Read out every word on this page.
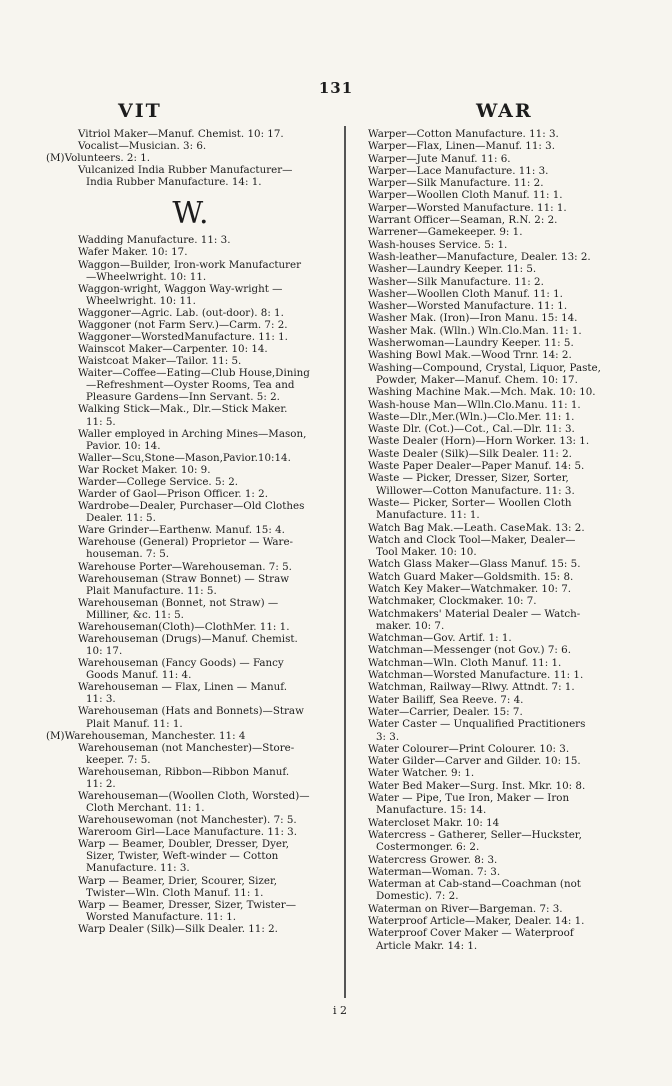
131
VIT	WAR
Vitriol Maker—Manuf. Chemist. 10: 17.
Vocalist—Musician. 3: 6.
(M)Volunteers. 2: 1.
Vulcanized India Rubber Manufacturer—
India Rubber Manufacture. 14: 1.
W.
Wadding Manufacture. 11: 3.
Wafer Maker. 10: 17.
Waggon—Builder, Iron-work Manufacturer
—Wheelwright. 10: 11.
Waggon-wright, Waggon Way-wright —
Wheelwright. 10: 11.
Waggoner—Agric. Lab. (out-door). 8: 1.
Waggoner (not Farm Serv.)—Carm. 7: 2.
Waggoner—WorstedManufacture. 11: 1.
Wainscot Maker—Carpenter. 10: 14.
Waistcoat Maker—Tailor. 11: 5.
Waiter—Coffee—Eating—Club House,Dining
—Refreshment—Oyster Rooms, Tea and
Pleasure Gardens—Inn Servant. 5: 2.
Walking Stick—Mak., Dlr.—Stick Maker.
11: 5.
Waller employed in Arching Mines—Mason,
Pavior. 10: 14.
Waller—Scu,Stone—Mason,Pavior.10:14.
War Rocket Maker. 10: 9.
Warder—College Service. 5: 2.
Warder of Gaol—Prison Officer. 1: 2.
Wardrobe—Dealer, Purchaser—Old Clothes
Dealer. 11: 5.
Ware Grinder—Earthenw. Manuf. 15: 4.
Warehouse (General) Proprietor — Ware-
houseman. 7: 5.
Warehouse Porter—Warehouseman. 7: 5.
Warehouseman (Straw Bonnet) — Straw
Plait Manufacture. 11: 5.
Warehouseman (Bonnet, not Straw) —
Milliner, &c. 11: 5.
Warehouseman(Cloth)—ClothMer. 11: 1.
Warehouseman (Drugs)—Manuf. Chemist.
10: 17.
Warehouseman (Fancy Goods) — Fancy
Goods Manuf. 11: 4.
Warehouseman — Flax, Linen — Manuf.
11: 3.
Warehouseman (Hats and Bonnets)—Straw
Plait Manuf. 11: 1.
(M)Warehouseman, Manchester. 11: 4
Warehouseman (not Manchester)—Store-
keeper. 7: 5.
Warehouseman, Ribbon—Ribbon Manuf.
11: 2.
Warehouseman—(Woollen Cloth, Worsted)—
Cloth Merchant. 11: 1.
Warehousewoman (not Manchester). 7: 5.
Wareroom Girl—Lace Manufacture. 11: 3.
Warp — Beamer, Doubler, Dresser, Dyer,
Sizer, Twister, Weft-winder — Cotton
Manufacture. 11: 3.
Warp — Beamer, Drier, Scourer, Sizer,
Twister—Wln. Cloth Manuf. 11: 1.
Warp — Beamer, Dresser, Sizer, Twister—
Worsted Manufacture. 11: 1.
Warp Dealer (Silk)—Silk Dealer. 11: 2.
Warper—Cotton Manufacture. 11: 3.
Warper—Flax, Linen—Manuf. 11: 3.
Warper—Jute Manuf. 11: 6.
Warper—Lace Manufacture. 11: 3.
Warper—Silk Manufacture. 11: 2.
Warper—Woollen Cloth Manuf. 11: 1.
Warper—Worsted Manufacture. 11: 1.
Warrant Officer—Seaman, R.N. 2: 2.
Warrener—Gamekeeper. 9: 1.
Wash-houses Service. 5: 1.
Wash-leather—Manufacture, Dealer. 13: 2.
Washer—Laundry Keeper. 11: 5.
Washer—Silk Manufacture. 11: 2.
Washer—Woollen Cloth Manuf. 11: 1.
Washer—Worsted Manufacture. 11: 1.
Washer Mak. (Iron)—Iron Manu. 15: 14.
Washer Mak. (Wlln.) Wln.Clo.Man. 11: 1.
Washerwoman—Laundry Keeper. 11: 5.
Washing Bowl Mak.—Wood Trnr. 14: 2.
Washing—Compound, Crystal, Liquor, Paste,
Powder, Maker—Manuf. Chem. 10: 17.
Washing Machine Mak.—Mch. Mak. 10: 10.
Wash-house Man—Wlln.Clo.Manu. 11: 1.
Waste—Dlr.,Mer.(Wln.)—Clo.Mer. 11: 1.
Waste Dlr. (Cot.)—Cot., Cal.—Dlr. 11: 3.
Waste Dealer (Horn)—Horn Worker. 13: 1.
Waste Dealer (Silk)—Silk Dealer. 11: 2.
Waste Paper Dealer—Paper Manuf. 14: 5.
Waste — Picker, Dresser, Sizer, Sorter,
Willower—Cotton Manufacture. 11: 3.
Waste— Picker, Sorter— Woollen Cloth
Manufacture. 11: 1.
Watch Bag Mak.—Leath. CaseMak. 13: 2.
Watch and Clock Tool—Maker, Dealer—
Tool Maker. 10: 10.
Watch Glass Maker—Glass Manuf. 15: 5.
Watch Guard Maker—Goldsmith. 15: 8.
Watch Key Maker—Watchmaker. 10: 7.
Watchmaker, Clockmaker. 10: 7.
Watchmakers' Material Dealer — Watch-
maker. 10: 7.
Watchman—Gov. Artif. 1: 1.
Watchman—Messenger (not Gov.) 7: 6.
Watchman—Wln. Cloth Manuf. 11: 1.
Watchman—Worsted Manufacture. 11: 1.
Watchman, Railway—Rlwy. Attndt. 7: 1.
Water Bailiff, Sea Reeve. 7: 4.
Water—Carrier, Dealer. 15: 7.
Water Caster — Unqualified Practitioners
3: 3.
Water Colourer—Print Colourer. 10: 3.
Water Gilder—Carver and Gilder. 10: 15.
Water Watcher. 9: 1.
Water Bed Maker—Surg. Inst. Mkr. 10: 8.
Water — Pipe, Tue Iron, Maker — Iron
Manufacture. 15: 14.
Watercloset Makr. 10: 14
Watercress – Gatherer, Seller—Huckster,
Costermonger. 6: 2.
Watercress Grower. 8: 3.
Waterman—Woman. 7: 3.
Waterman at Cab-stand—Coachman (not
Domestic). 7: 2.
Waterman on River—Bargeman. 7: 3.
Waterproof Article—Maker, Dealer. 14: 1.
Waterproof Cover Maker — Waterproof
Article Makr. 14: 1.
i 2
